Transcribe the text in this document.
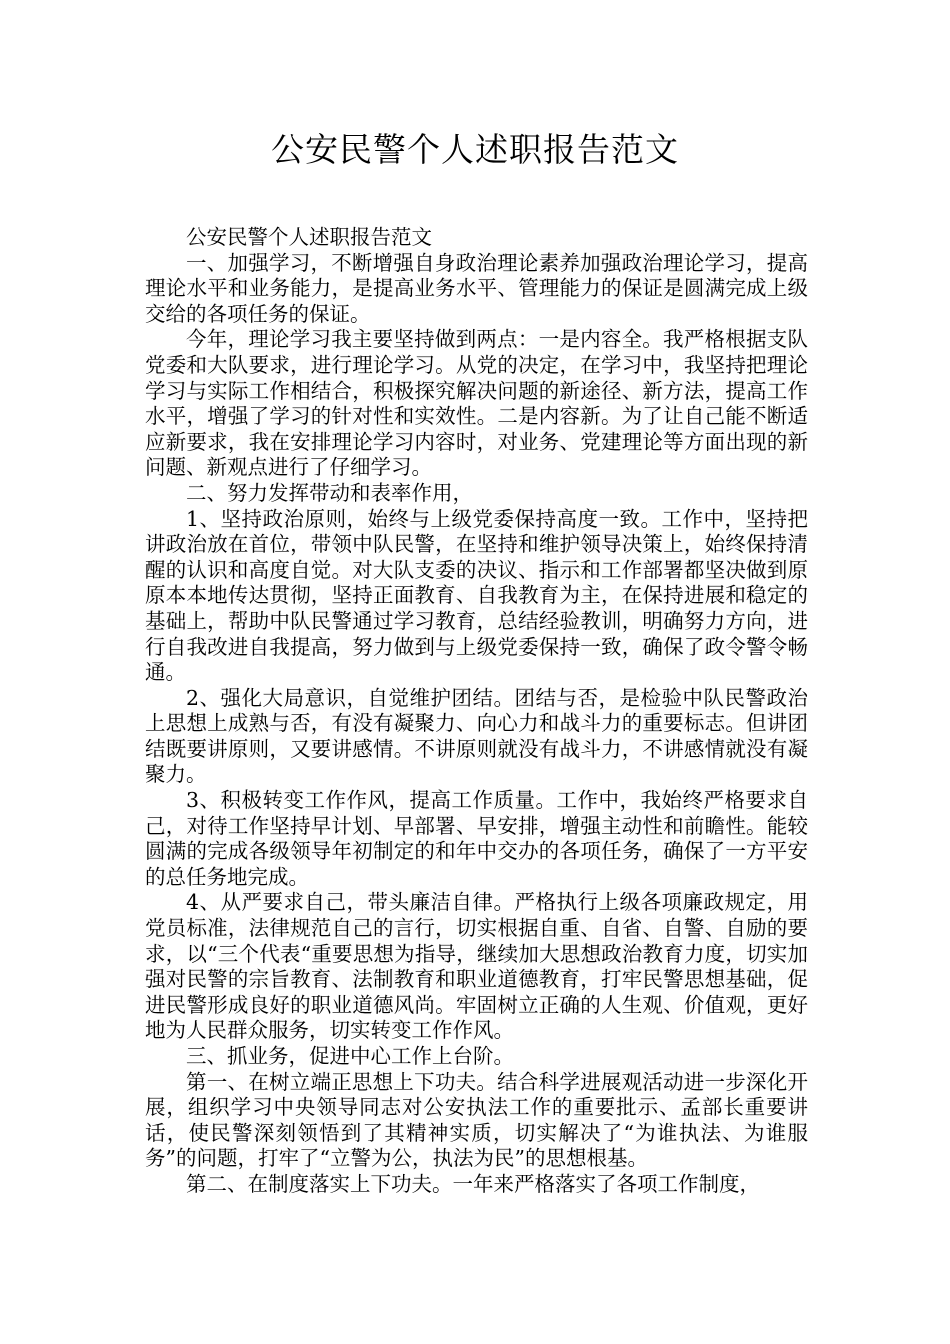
公安民警个人述职报告范文

公安民警个人述职报告范文

一、加强学习，不断增强自身政治理论素养加强政治理论学习，提高理论水平和业务能力，是提高业务水平、管理能力的保证是圆满完成上级交给的各项任务的保证。

今年，理论学习我主要坚持做到两点：一是内容全。我严格根据支队党委和大队要求，进行理论学习。从党的决定，在学习中，我坚持把理论学习与实际工作相结合，积极探究解决问题的新途径、新方法，提高工作水平，增强了学习的针对性和实效性。二是内容新。为了让自己能不断适应新要求，我在安排理论学习内容时，对业务、党建理论等方面出现的新问题、新观点进行了仔细学习。

二、努力发挥带动和表率作用，

1、坚持政治原则，始终与上级党委保持高度一致。工作中，坚持把讲政治放在首位，带领中队民警，在坚持和维护领导决策上，始终保持清醒的认识和高度自觉。对大队支委的决议、指示和工作部署都坚决做到原原本本地传达贯彻，坚持正面教育、自我教育为主，在保持进展和稳定的基础上，帮助中队民警通过学习教育，总结经验教训，明确努力方向，进行自我改进自我提高，努力做到与上级党委保持一致，确保了政令警令畅通。

2、强化大局意识，自觉维护团结。团结与否，是检验中队民警政治上思想上成熟与否，有没有凝聚力、向心力和战斗力的重要标志。但讲团结既要讲原则，又要讲感情。不讲原则就没有战斗力，不讲感情就没有凝聚力。

3、积极转变工作作风，提高工作质量。工作中，我始终严格要求自己，对待工作坚持早计划、早部署、早安排，增强主动性和前瞻性。能较圆满的完成各级领导年初制定的和年中交办的各项任务，确保了一方平安的总任务地完成。

4、从严要求自己，带头廉洁自律。严格执行上级各项廉政规定，用党员标准，法律规范自己的言行，切实根据自重、自省、自警、自励的要求，以“三个代表“重要思想为指导，继续加大思想政治教育力度，切实加强对民警的宗旨教育、法制教育和职业道德教育，打牢民警思想基础，促进民警形成良好的职业道德风尚。牢固树立正确的人生观、价值观，更好地为人民群众服务，切实转变工作作风。

三、抓业务，促进中心工作上台阶。

第一、在树立端正思想上下功夫。结合科学进展观活动进一步深化开展，组织学习中央领导同志对公安执法工作的重要批示、孟部长重要讲话，使民警深刻领悟到了其精神实质，切实解决了“为谁执法、为谁服务”的问题，打牢了“立警为公，执法为民”的思想根基。

第二、在制度落实上下功夫。一年来严格落实了各项工作制度，
